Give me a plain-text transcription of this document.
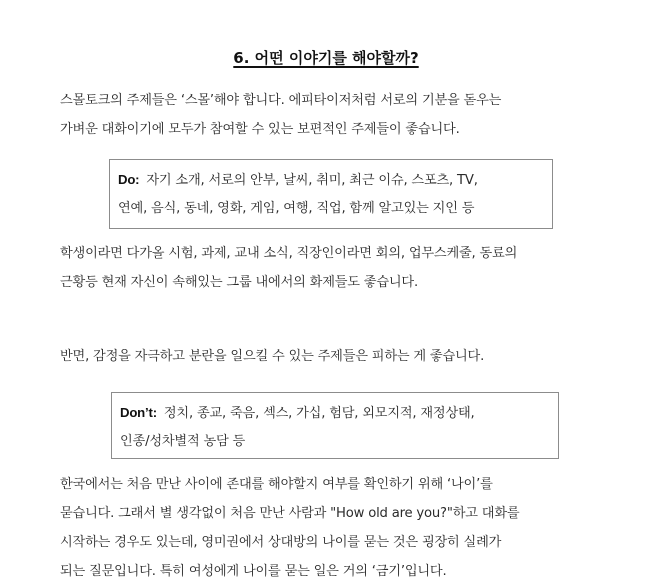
6. 어떤 이야기를 해야할까?
스몰토크의 주제들은 ‘스몰’해야 합니다. 에피타이저처럼 서로의 기분을 돋우는
가벼운 대화이기에 모두가 참여할 수 있는 보편적인 주제들이 좋습니다.
Do: 자기 소개, 서로의 안부, 날씨, 취미, 최근 이슈, 스포츠, TV,
연예, 음식, 동네, 영화, 게임, 여행, 직업, 함께 알고있는 지인 등
학생이라면 다가올 시험, 과제, 교내 소식, 직장인이라면 회의, 업무스케줄, 동료의
근황등 현재 자신이 속해있는 그룹 내에서의 화제들도 좋습니다.
반면, 감정을 자극하고 분란을 일으킬 수 있는 주제들은 피하는 게 좋습니다.
Don’t: 정치, 종교, 죽음, 섹스, 가십, 험담, 외모지적, 재정상태,
인종/성차별적 농담 등
한국에서는 처음 만난 사이에 존대를 해야할지 여부를 확인하기 위해 ‘나이’를
묻습니다. 그래서 별 생각없이 처음 만난 사람과 "How old are you?"하고 대화를
시작하는 경우도 있는데, 영미권에서 상대방의 나이를 묻는 것은 굉장히 실례가
되는 질문입니다. 특히 여성에게 나이를 묻는 일은 거의 ‘금기’입니다.
